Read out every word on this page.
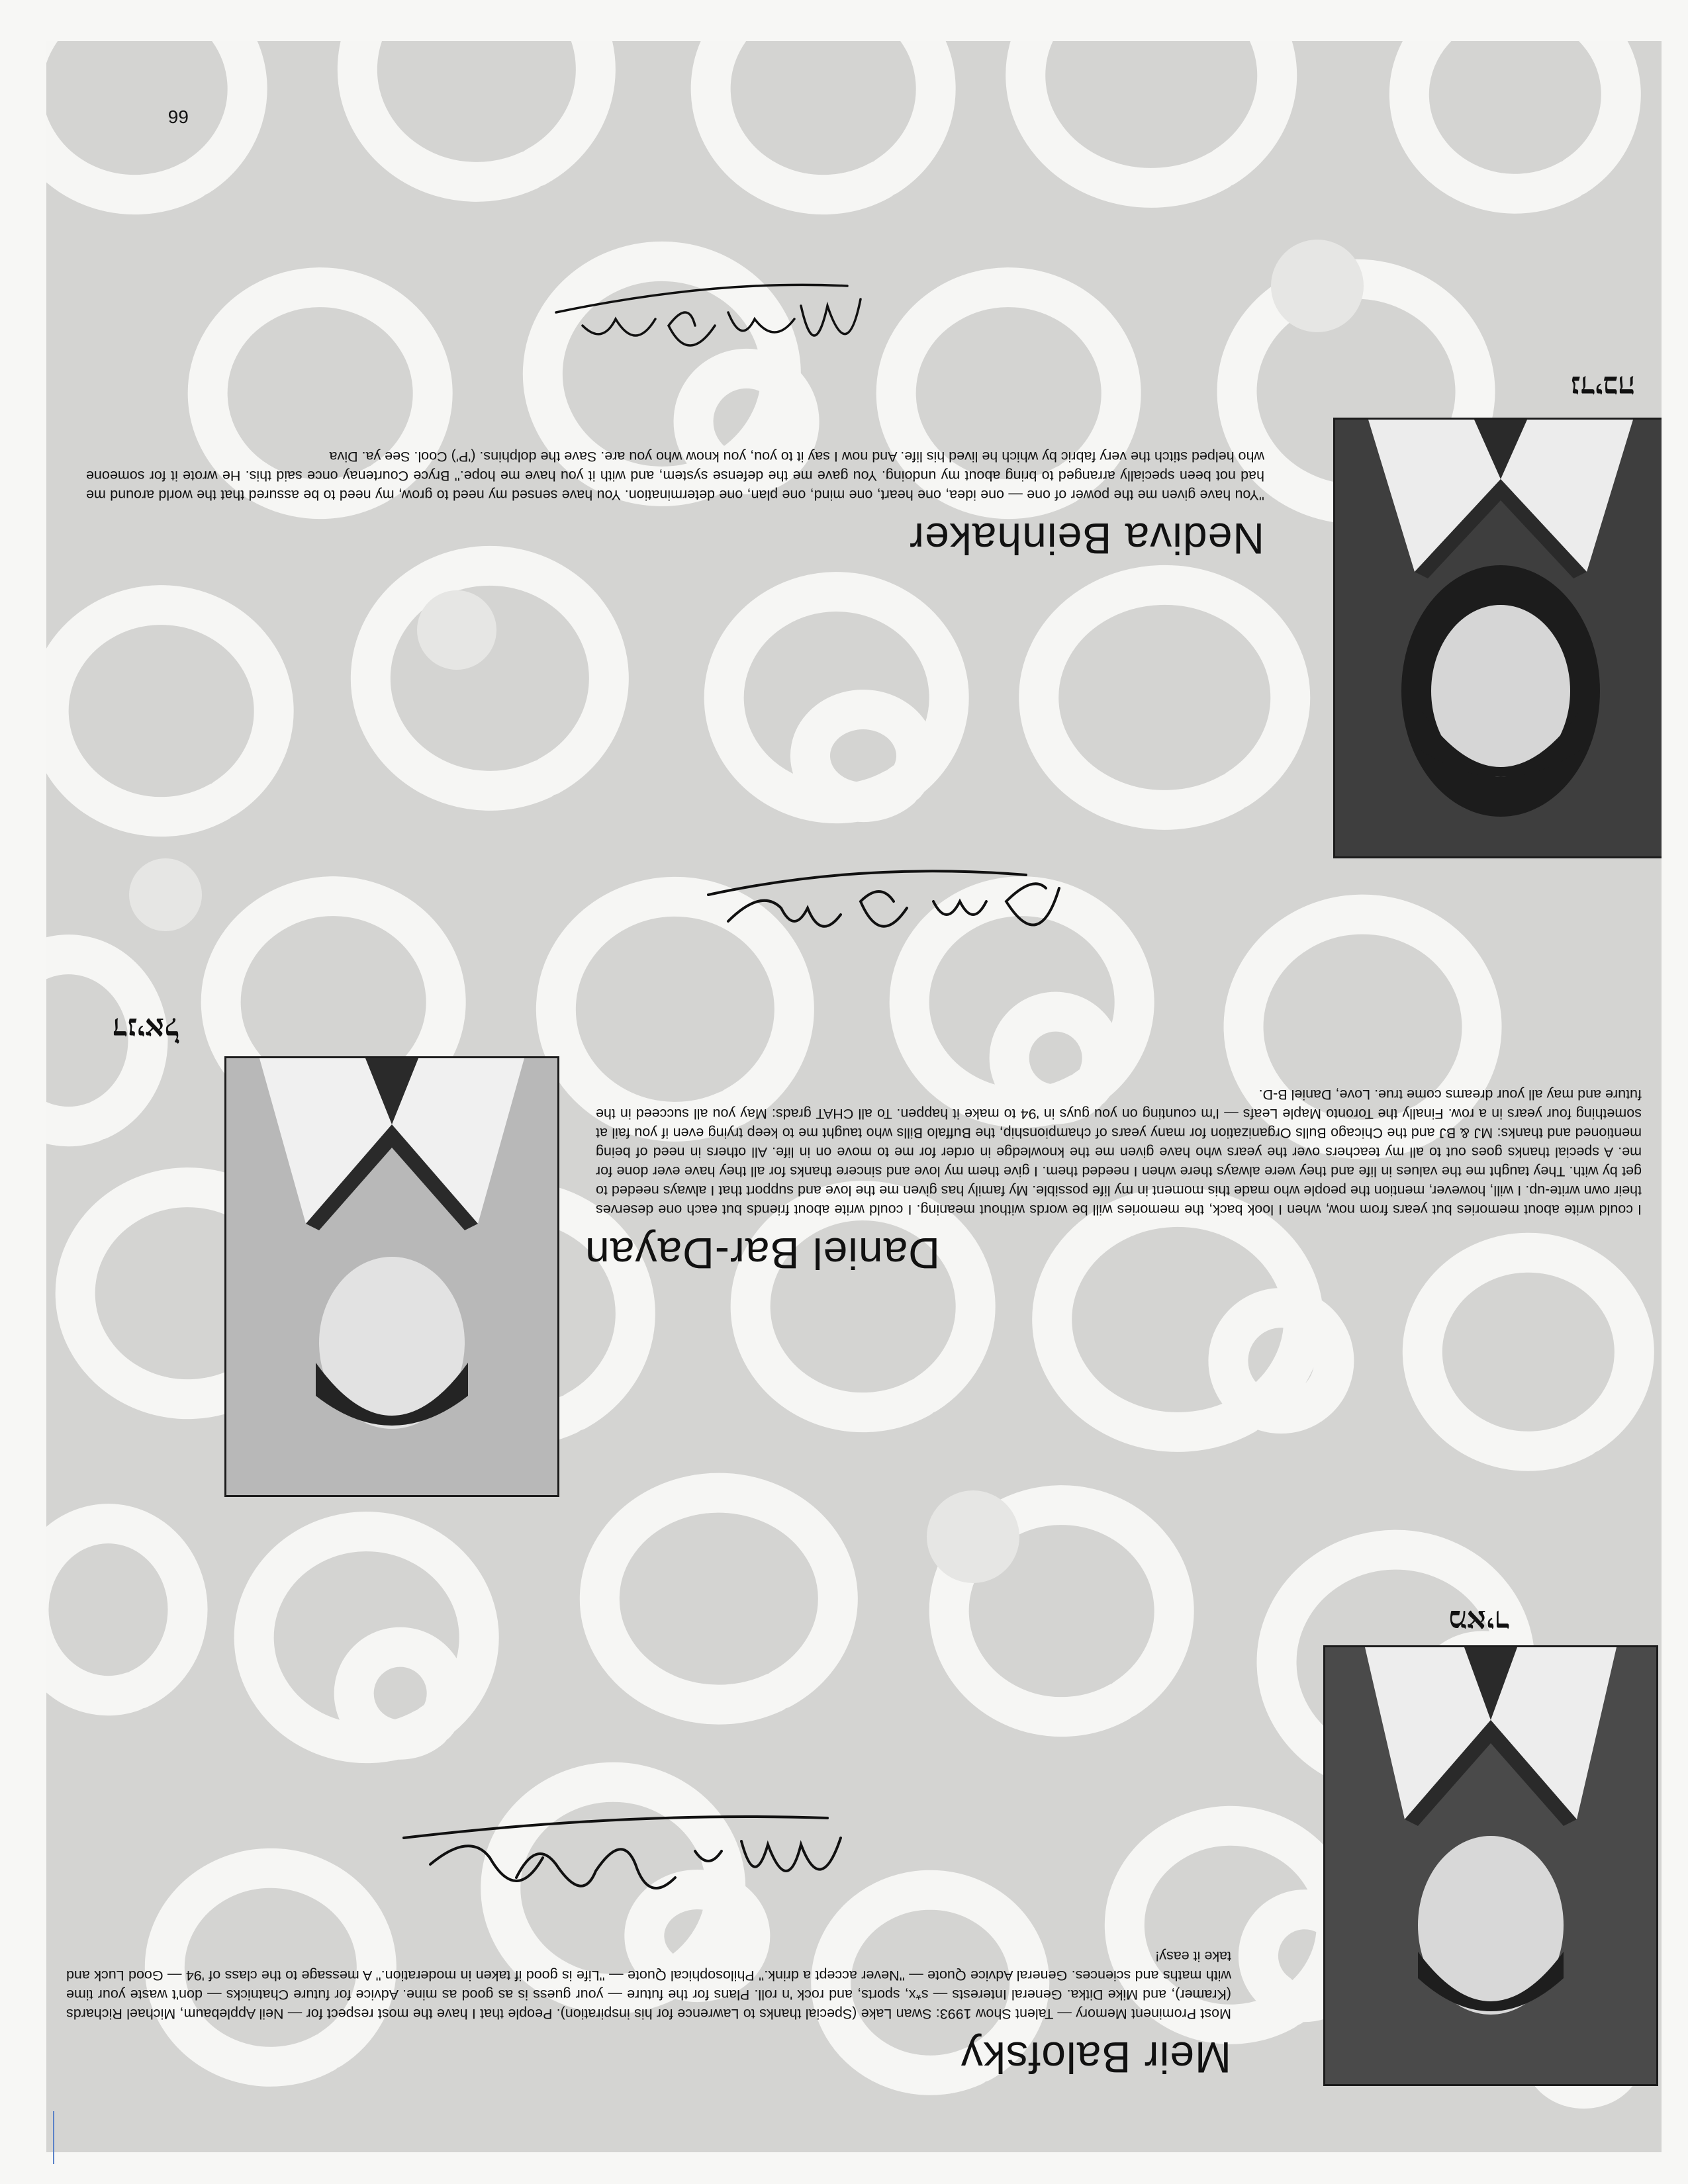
מאיר
Meir Balofsky

Most Prominent Memory — Talent Show 1993: Swan Lake (Special thanks to Lawrence for his inspiration). People that I have the most respect for — Neil Applebaum, Michael Richards (Kramer), and Mike Ditka. General Interests — s*x, sports, and rock 'n roll. Plans for the future — your guess is as good as mine. Advice for future Chatnicks — don't waste your time with maths and sciences. General Advice Quote — ''Never accept a drink.'' Philosophical Quote — ''Life is good if taken in moderation.'' A message to the class of '94 — Good Luck and take it easy!

דניאל
Daniel Bar-Dayan

I could write about memories but years from now, when I look back, the memories will be words without meaning. I could write about friends but each one deserves their own write-up. I will, however, mention the people who made this moment in my life possible. My family has given me the love and support that I always needed to get by with. They taught me the values in life and they were always there when I needed them. I give them my love and sincere thanks for all they have ever done for me. A special thanks goes out to all my teachers over the years who have given me the knowledge in order for me to move on in life. All others in need of being mentioned and thanks: MJ & BJ and the Chicago Bulls Organization for many years of championship, the Buffalo Bills who taught me to keep trying even if you fail at something four years in a row. Finally the Toronto Maple Leafs — I'm counting on you guys in '94 to make it happen. To all CHAT grads: May you all succeed in the future and may all your dreams come true. Love, Daniel B-D.

נדיבה
Nediva Beinhaker

''You have given me the power of one — one idea, one heart, one mind, one plan, one determination. You have sensed my need to grow, my need to be assured that the world around me had not been specially arranged to bring about my undoing. You gave me the defense system, and with it you have me hope.'' Bryce Courtenay once said this. He wrote it for someone who helped stitch the very fabric by which he lived his life. And now I say it to you, you know who you are. Save the dolphins. ('P') Cool. See ya. Diva

66
